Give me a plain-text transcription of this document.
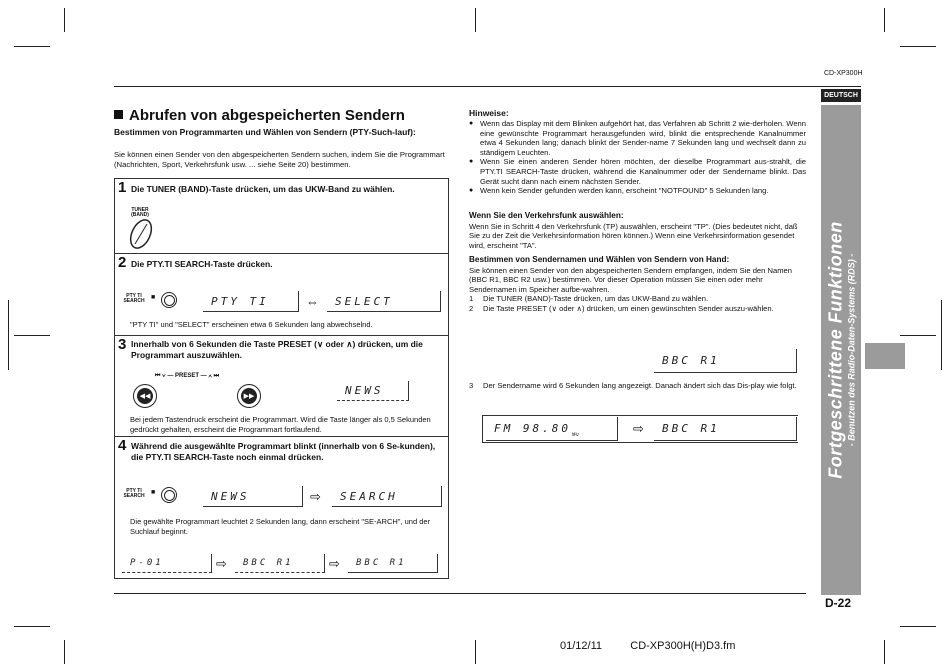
CD-XP300H
DEUTSCH
Fortgeschrittene Funktionen - Benutzen des Radio-Daten-Systems (RDS) -
D-22
01/12/11	CD-XP300H(H)D3.fm
Abrufen von abgespeicherten Sendern
Bestimmen von Programmarten und Wählen von Sendern (PTY-Such-lauf):
Sie können einen Sender von den abgespeicherten Sendern suchen, indem Sie die Programmart (Nachrichten, Sport, Verkehrsfunk usw. ... siehe Seite 20) bestimmen.
1 Die TUNER (BAND)-Taste drücken, um das UKW-Band zu wählen.
TUNER (BAND)
2 Die PTY.TI SEARCH-Taste drücken.
PTY TI SEARCH ■	PTY TI	⇔	SELECT
"PTY TI" und "SELECT" erscheinen etwa 6 Sekunden lang abwechselnd.
3 Innerhalb von 6 Sekunden die Taste PRESET (∨ oder ∧) drücken, um die Programmart auszuwählen.
⏮ ∨ — PRESET — ∧ ⏭
◀◀	▶▶	NEWS
Bei jedem Tastendruck erscheint die Programmart. Wird die Taste länger als 0,5 Sekunden gedrückt gehalten, erscheint die Programmart fortlaufend.
4 Während die ausgewählte Programmart blinkt (innerhalb von 6 Se-kunden), die PTY.TI SEARCH-Taste noch einmal drücken.
PTY TI SEARCH ■	NEWS	⇨	SEARCH
Die gewählte Programmart leuchtet 2 Sekunden lang, dann erscheint "SE-ARCH", und der Suchlauf beginnt.
P-01	⇨	BBC R1	⇨	BBC R1
Hinweise:
● Wenn das Display mit dem Blinken aufgehört hat, das Verfahren ab Schritt 2 wie-derholen. Wenn eine gewünschte Programmart herausgefunden wird, blinkt die entsprechende Kanalnummer etwa 4 Sekunden lang; danach blinkt der Sender-name 7 Sekunden lang und wechselt dann zu ständigem Leuchten.
● Wenn Sie einen anderen Sender hören möchten, der dieselbe Programmart aus-strahlt, die PTY.TI SEARCH-Taste drücken, während die Kanalnummer oder der Sendername blinkt. Das Gerät sucht dann nach einem nächsten Sender.
● Wenn kein Sender gefunden werden kann, erscheint "NOTFOUND" 5 Sekunden lang.
Wenn Sie den Verkehrsfunk auswählen:
Wenn Sie in Schritt 4 den Verkehrsfunk (TP) auswählen, erscheint "TP". (Dies bedeutet nicht, daß Sie zu der Zeit die Verkehrsinformation hören können.) Wenn eine Verkehrsinformation gesendet wird, erscheint "TA".
Bestimmen von Sendernamen und Wählen von Sendern von Hand:
Sie können einen Sender von den abgespeicherten Sendern empfangen, indem Sie den Namen (BBC R1, BBC R2 usw.) bestimmen. Vor dieser Operation müssen Sie einen oder mehr Sendernamen im Speicher aufbe-wahren.
1 Die TUNER (BAND)-Taste drücken, um das UKW-Band zu wählen.
2 Die Taste PRESET (∨ oder ∧) drücken, um einen gewünschten Sender auszu-wählen.
BBC R1
3 Der Sendername wird 6 Sekunden lang angezeigt. Danach ändert sich das Dis-play wie folgt.
FM 98.80 MHz	⇨	BBC R1
